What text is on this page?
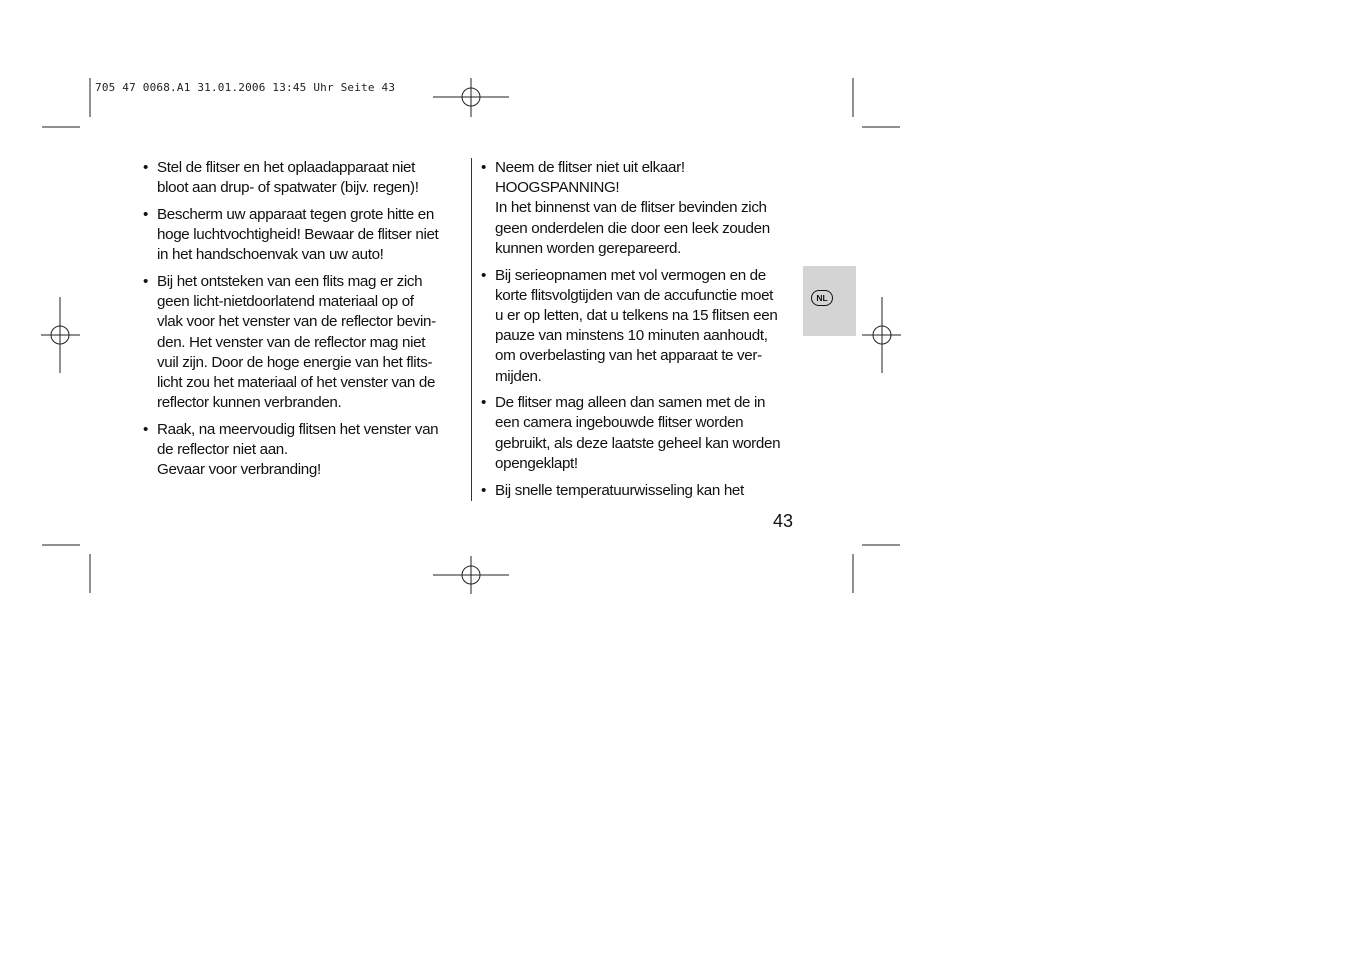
705 47 0068.A1 31.01.2006 13:45 Uhr Seite 43
• Stel de flitser en het oplaadapparaat niet
bloot aan drup- of spatwater (bijv. regen)!
• Bescherm uw apparaat tegen grote hitte en
hoge luchtvochtigheid! Bewaar de flitser niet
in het handschoenvak van uw auto!
• Bij het ontsteken van een flits mag er zich
geen licht-nietdoorlatend materiaal op of
vlak voor het venster van de reflector bevin-
den. Het venster van de reflector mag niet
vuil zijn. Door de hoge energie van het flits-
licht zou het materiaal of het venster van de
reflector kunnen verbranden.
• Raak, na meervoudig flitsen het venster van
de reflector niet aan.
Gevaar voor verbranding!
• Neem de flitser niet uit elkaar!
HOOGSPANNING!
In het binnenst van de flitser bevinden zich
geen onderdelen die door een leek zouden
kunnen worden gerepareerd.
• Bij serieopnamen met vol vermogen en de
korte flitsvolgtijden van de accufunctie moet
u er op letten, dat u telkens na 15 flitsen een
pauze van minstens 10 minuten aanhoudt,
om overbelasting van het apparaat te ver-
mijden.
• De flitser mag alleen dan samen met de in
een camera ingebouwde flitser worden
gebruikt, als deze laatste geheel kan worden
opengeklapt!
• Bij snelle temperatuurwisseling kan het
43
NL
